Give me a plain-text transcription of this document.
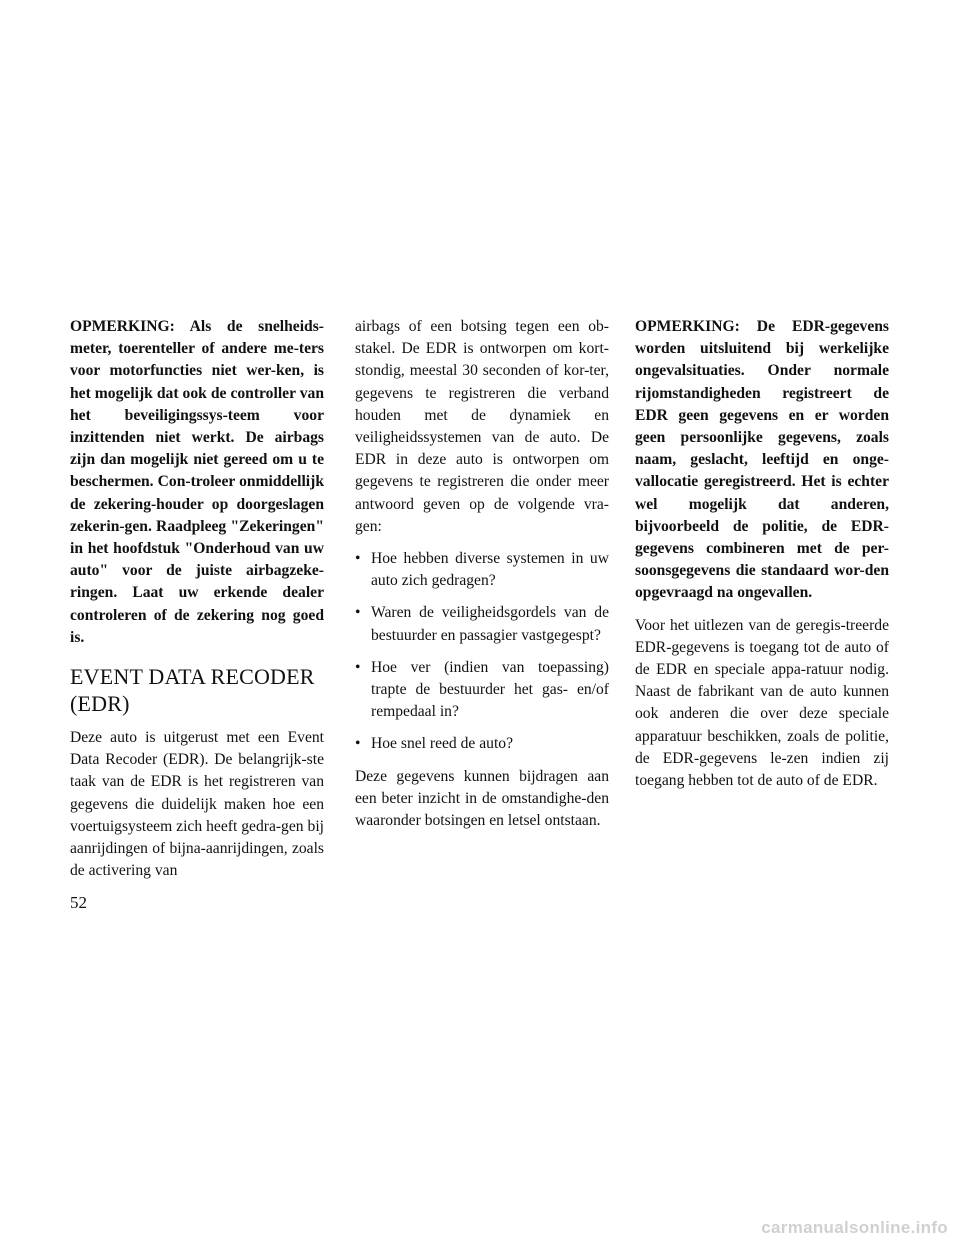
OPMERKING: Als de snelheids-meter, toerenteller of andere me-ters voor motorfuncties niet wer-ken, is het mogelijk dat ook de controller van het beveiligingssys-teem voor inzittenden niet werkt. De airbags zijn dan mogelijk niet gereed om u te beschermen. Con-troleer onmiddellijk de zekering-houder op doorgeslagen zekerin-gen. Raadpleeg "Zekeringen" in het hoofdstuk "Onderhoud van uw auto" voor de juiste airbagzeke-ringen. Laat uw erkende dealer controleren of de zekering nog goed is.

EVENT DATA RECODER
(EDR)

Deze auto is uitgerust met een Event Data Recoder (EDR). De belangrijk-ste taak van de EDR is het registreren van gegevens die duidelijk maken hoe een voertuigsysteem zich heeft gedra-gen bij aanrijdingen of bijna-aanrijdingen, zoals de activering van

airbags of een botsing tegen een ob-stakel. De EDR is ontworpen om kort-stondig, meestal 30 seconden of kor-ter, gegevens te registreren die verband houden met de dynamiek en veiligheidssystemen van de auto. De EDR in deze auto is ontworpen om gegevens te registreren die onder meer antwoord geven op de volgende vra-gen:

• Hoe hebben diverse systemen in uw auto zich gedragen?
• Waren de veiligheidsgordels van de bestuurder en passagier vastgegespt?
• Hoe ver (indien van toepassing) trapte de bestuurder het gas- en/of rempedaal in?
• Hoe snel reed de auto?

Deze gegevens kunnen bijdragen aan een beter inzicht in de omstandighe-den waaronder botsingen en letsel ontstaan.

OPMERKING: De EDR-gegevens worden uitsluitend bij werkelijke ongevalsituaties. Onder normale rijomstandigheden registreert de EDR geen gegevens en er worden geen persoonlijke gegevens, zoals naam, geslacht, leeftijd en onge-vallocatie geregistreerd. Het is echter wel mogelijk dat anderen, bijvoorbeeld de politie, de EDR-gegevens combineren met de per-soonsgegevens die standaard wor-den opgevraagd na ongevallen.

Voor het uitlezen van de geregis-treerde EDR-gegevens is toegang tot de auto of de EDR en speciale appa-ratuur nodig. Naast de fabrikant van de auto kunnen ook anderen die over deze speciale apparatuur beschikken, zoals de politie, de EDR-gegevens le-zen indien zij toegang hebben tot de auto of de EDR.

52
carmanualsonline.info
